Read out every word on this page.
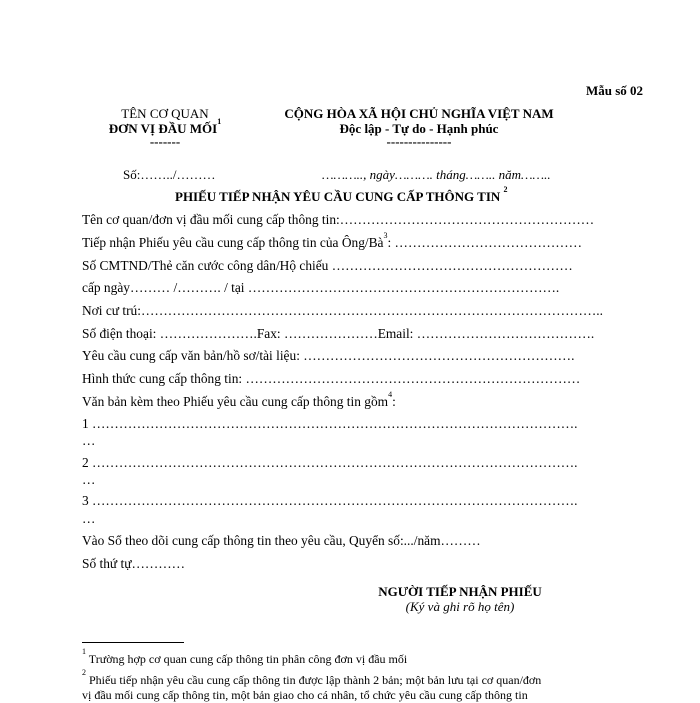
Mẫu số 02
TÊN CƠ QUAN
ĐƠN VỊ ĐẦU MỐI$^1$
-------
CỘNG HÒA XÃ HỘI CHỦ NGHĨA VIỆT NAM
Độc lập - Tự do - Hạnh phúc
---------------
Số:……../………	……….., ngày………. tháng…….. năm……..
PHIẾU TIẾP NHẬN YÊU CẦU CUNG CẤP THÔNG TIN $^2$
Tên cơ quan/đơn vị đầu mối cung cấp thông tin:…………………………………………………
Tiếp nhận Phiếu yêu cầu cung cấp thông tin của Ông/$Bà^3$: ……………………………………
Số CMTND/Thẻ căn cước công dân/Hộ chiếu ………………………………………………
cấp ngày……… /………. / tại …………………………………………………………….
Nơi cư trú:…………………………………………………………………………………………..
Số điện thoại: ………………….Fax: …………………Email: ………………………………….
Yêu cầu cung cấp văn bản/hồ sơ/tài liệu: …………………………………………………….
Hình thức cung cấp thông tin: …………………………………………………………………
Văn bản kèm theo Phiếu yêu cầu cung cấp thông tin gồm$^4$:
1 ……………………………………………………………………………………………….
…
2 ……………………………………………………………………………………………….
…
3 ……………………………………………………………………………………………….
…
Vào Sổ theo dõi cung cấp thông tin theo yêu cầu, Quyển số:.../năm………
Số thứ tự…………
NGƯỜI TIẾP NHẬN PHIẾU
(Ký và ghi rõ họ tên)
$^1$ Trường hợp cơ quan cung cấp thông tin phân công đơn vị đầu mối
$^2$ Phiếu tiếp nhận yêu cầu cung cấp thông tin được lập thành 2 bản; một bản lưu tại cơ quan/đơn
vị đầu mối cung cấp thông tin, một bản giao cho cá nhân, tổ chức yêu cầu cung cấp thông tin
